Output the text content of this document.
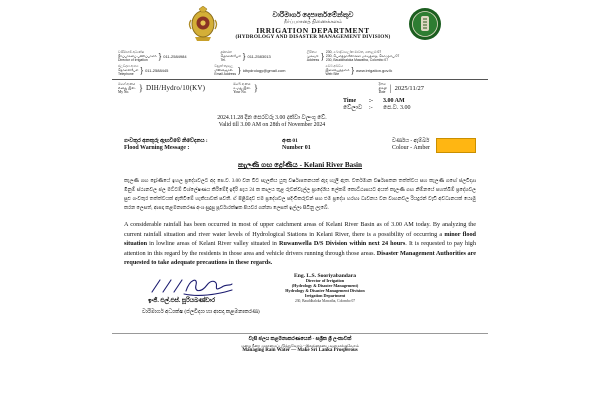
වාරිමාර්ග දෙපාර්තමේන්තුව
நீர்ப்பாசனத் திணைக்களம்
IRRIGATION DEPARTMENT
(HYDROLOGY AND DISASTER MANAGEMENT DIVISION)
වාරිමාර්ග අධ්‍යක්ෂ
நீர்ப்பாசனப் பணிப்பாளர்
Director of Irrigation	} 011-2584984
දුරකථන
தொலைபேசி
Tel.	} 011-2583013
ලිපිනය
முகவரி
Address } 230, බෞද්ධාලෝක මාවත, කොළඹ 07
230, பௌத்தாலோக்கா மாவத்தை, கொழும்பு 07
230, Bauddhaloka Mawatha, Colombo 07
ජලවිද්‍යා අංශය
தொலைபேசி
Telephone } 011-2588445
විද්‍යුත් තැපෑල
மின்னஞ்சல்
Email Address } idhydrology@gmail.com
වෙබ් අඩවිය
இணையத்தளம்
Web Site	} www.irrigation.gov.lk
මගේ අංකය
எனது இல.
My No.	} DIH/Hydro/10(KV)
ඔබේ අංකය
உமது இல.
Your No. }	දිනය
திகதி
Date | 2025/11/27
Time	:-	3.00 AM
වේලාව	:-	පෙ.ව. 3.00
2024.11.28 දින පෙරවරු 3.00 දක්වා වලංගු වේ.
Valid till 3.00 AM on 28th of November 2024
ගංවතුර අනතුරු ඇඟවීමේ නිවේදනය :
Flood Warning Message :
අංක 01
Number 01
වර්ණය - ඇම්බර්
Colour - Amber
කැලණි ගඟ ද්‍රෝණිය - Kelani River Basin

කැලණි ගඟ ද්‍රෝණියේ ඉහල ප්‍රදේශවලට අද පෙ.ව. 3.00 වන විට සැලකිය යුතු වර්ෂාපතනයක් ඇද හැලී ඇත. වර්තමාන වර්ෂාපතන තත්ත්වය සහ කැලණි ගඟේ ජලවිද්‍යා මිනුම් ස්ථානවල ජල මට්ටම් විශ්ලේෂණය කිරීමේදී ඉදිරි පැය 24 ක කාලය තුළ රුවන්වැල්ල ප්‍රාදේශීය ලේකම් කොට්ඨාසයට අයත් කැලණි ගඟ නිම්නයේ පහත්බිම් ප්‍රදේශවල සුළු ගංවතුර තත්ත්වයක් ඇතිවීමේ හැකියාවක් පවතී. ඒ පිළිබඳව එම ප්‍රදේශවල පදිංචිකරුවන් සහ එම ප්‍රදේශ හරහා ධාවනය වන වාහනවල රියදුරන් වැඩි අවධානයක් යොමු කරන ලෙසත්, ආපදා කළමනාකරණ අංශ සුදුසු පූර්වාරක්ෂක පියවර ගන්නා ලෙසත් ඉල්ලා සිටිනු ලැබේ.

A considerable rainfall has been occurred in most of upper catchment areas of Kelani River Basin as of 3.00 AM today. By analyzing the current rainfall situation and river water levels of Hydrological Stations in Kelani River, there is a possibility of occurring a minor flood situation in lowline areas of Kelani River valley situated in Ruwanwella D/S Division within next 24 hours. It is requested to pay high attention in this regard by the residents in those area and vehicle drivers running through those areas. Disaster Management Authorities are requested to take adequate precautions in these regards.

ඉංජි. එල්.එස්. සූරියබණ්ඩාර
වාරිමාර්ග අධ්‍යක්ෂ (ජලවිද්‍යා හා ආපදා කළමනාකරණ)
Eng. L.S. Sooriyabandara
Director of Irrigation
(Hydrology & Disaster Management)
Hydrology & Disaster Management Division
Irrigation Department
230, Bauddhaloka Mawatha, Colombo 07
වැසි ජලය කළමනාකරණයෙන් - සශ්‍රීක ශ්‍රී ලංකාවක්
மழை நீரை முகாமைப்படுத்துவோம் - இலங்கையை வளமாக்குவோம்
Managing Rain Water — Make Sri Lanka Prosperous
